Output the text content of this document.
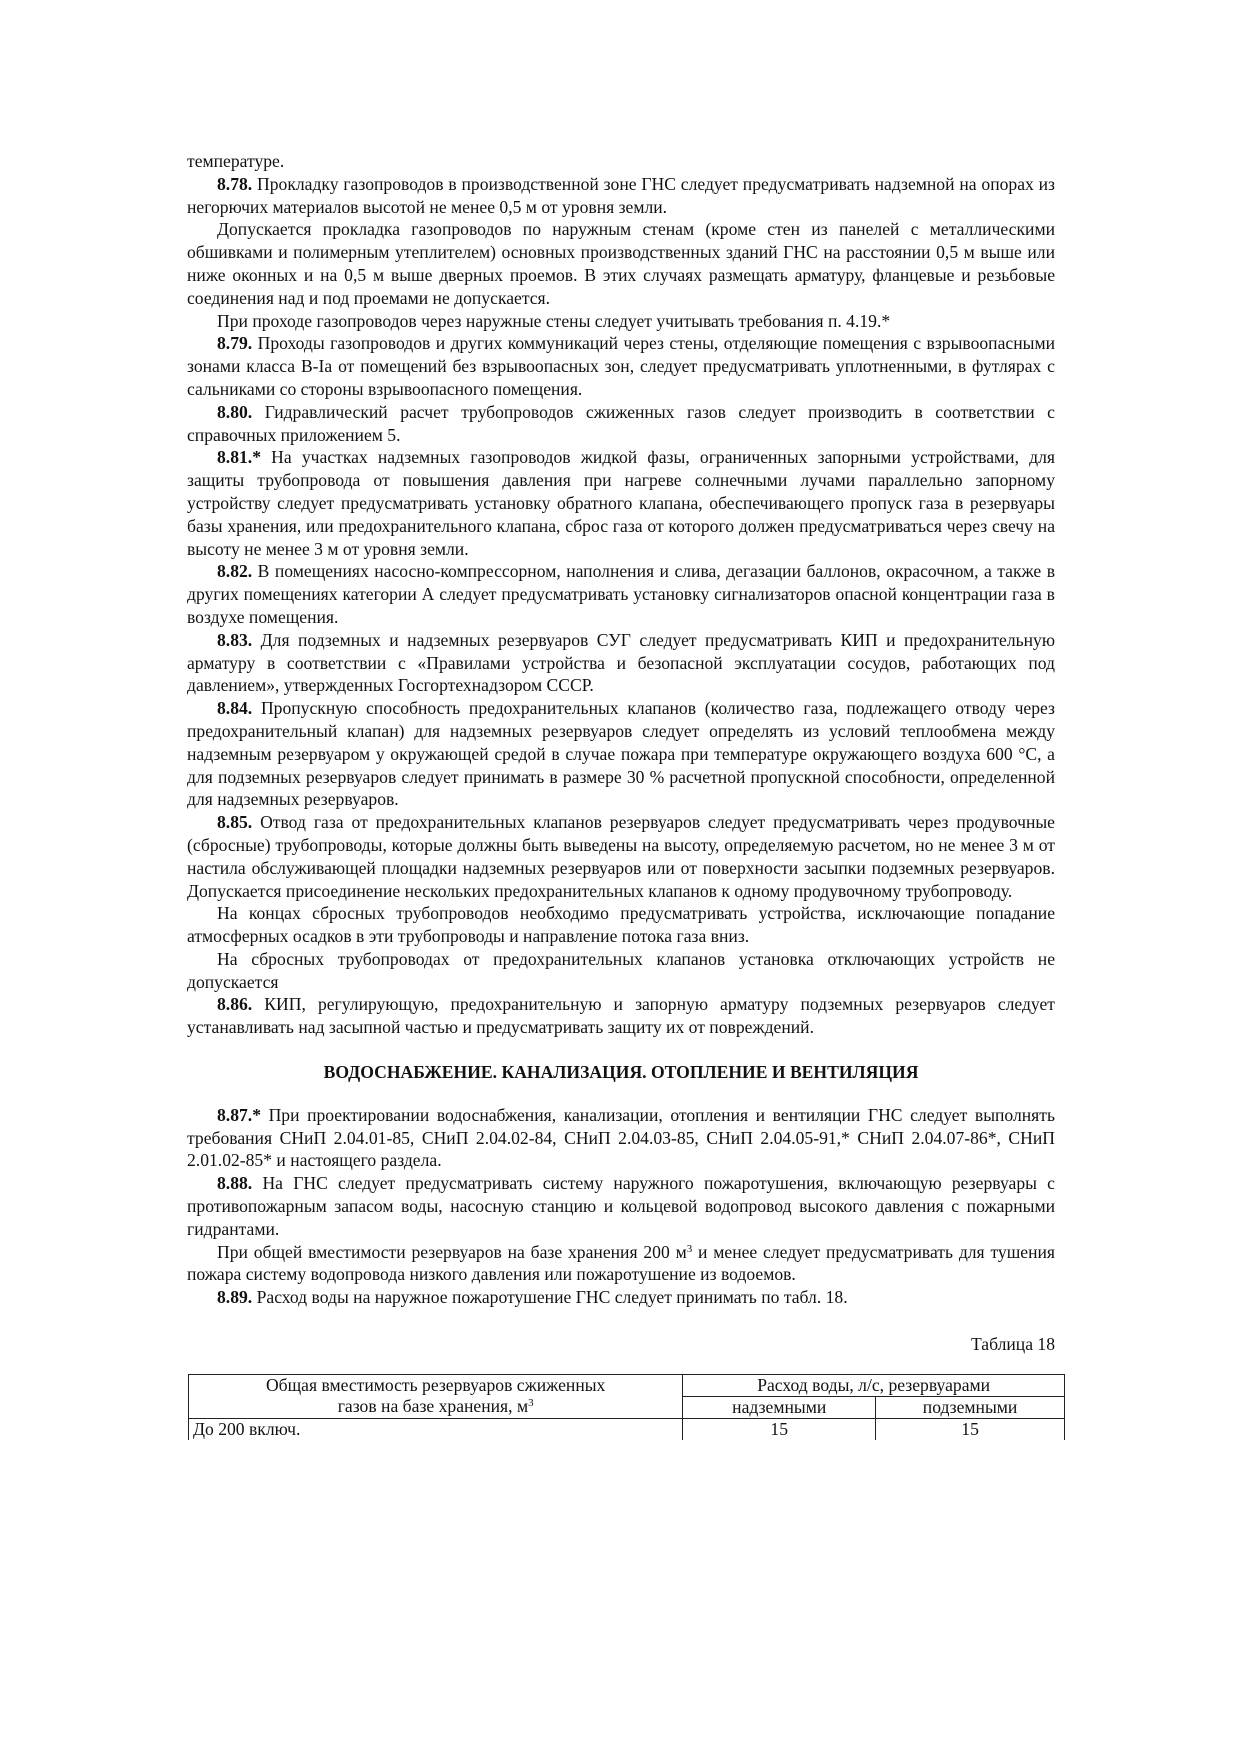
температуре.

8.78. Прокладку газопроводов в производственной зоне ГНС следует предусматривать надземной на опорах из негорючих материалов высотой не менее 0,5 м от уровня земли.

Допускается прокладка газопроводов по наружным стенам (кроме стен из панелей с металлическими обшивками и полимерным утеплителем) основных производственных зданий ГНС на расстоянии 0,5 м выше или ниже оконных и на 0,5 м выше дверных проемов. В этих случаях размещать арматуру, фланцевые и резьбовые соединения над и под проемами не допускается.

При проходе газопроводов через наружные стены следует учитывать требования п. 4.19.*

8.79. Проходы газопроводов и других коммуникаций через стены, отделяющие помещения с взрывоопасными зонами класса В-Iа от помещений без взрывоопасных зон, следует предусматривать уплотненными, в футлярах с сальниками со стороны взрывоопасного помещения.

8.80. Гидравлический расчет трубопроводов сжиженных газов следует производить в соответствии с справочных приложением 5.

8.81.* На участках надземных газопроводов жидкой фазы, ограниченных запорными устройствами, для защиты трубопровода от повышения давления при нагреве солнечными лучами параллельно запорному устройству следует предусматривать установку обратного клапана, обеспечивающего пропуск газа в резервуары базы хранения, или предохранительного клапана, сброс газа от которого должен предусматриваться через свечу на высоту не менее 3 м от уровня земли.

8.82. В помещениях насосно-компрессорном, наполнения и слива, дегазации баллонов, окрасочном, а также в других помещениях категории А следует предусматривать установку сигнализаторов опасной концентрации газа в воздухе помещения.

8.83. Для подземных и надземных резервуаров СУГ следует предусматривать КИП и предохранительную арматуру в соответствии с «Правилами устройства и безопасной эксплуатации сосудов, работающих под давлением», утвержденных Госгортехнадзором СССР.

8.84. Пропускную способность предохранительных клапанов (количество газа, подлежащего отводу через предохранительный клапан) для надземных резервуаров следует определять из условий теплообмена между надземным резервуаром у окружающей средой в случае пожара при температуре окружающего воздуха 600 °С, а для подземных резервуаров следует принимать в размере 30 % расчетной пропускной способности, определенной для надземных резервуаров.

8.85. Отвод газа от предохранительных клапанов резервуаров следует предусматривать через продувочные (сбросные) трубопроводы, которые должны быть выведены на высоту, определяемую расчетом, но не менее 3 м от настила обслуживающей площадки надземных резервуаров или от поверхности засыпки подземных резервуаров. Допускается присоединение нескольких предохранительных клапанов к одному продувочному трубопроводу.

На концах сбросных трубопроводов необходимо предусматривать устройства, исключающие попадание атмосферных осадков в эти трубопроводы и направление потока газа вниз.

На сбросных трубопроводах от предохранительных клапанов установка отключающих устройств не допускается

8.86. КИП, регулирующую, предохранительную и запорную арматуру подземных резервуаров следует устанавливать над засыпной частью и предусматривать защиту их от повреждений.

ВОДОСНАБЖЕНИЕ. КАНАЛИЗАЦИЯ. ОТОПЛЕНИЕ И ВЕНТИЛЯЦИЯ

8.87.* При проектировании водоснабжения, канализации, отопления и вентиляции ГНС следует выполнять требования СНиП 2.04.01-85, СНиП 2.04.02-84, СНиП 2.04.03-85, СНиП 2.04.05-91,* СНиП 2.04.07-86*, СНиП 2.01.02-85* и настоящего раздела.

8.88. На ГНС следует предусматривать систему наружного пожаротушения, включающую резервуары с противопожарным запасом воды, насосную станцию и кольцевой водопровод высокого давления с пожарными гидрантами.

При общей вместимости резервуаров на базе хранения 200 $м^3$ и менее следует предусматривать для тушения пожара систему водопровода низкого давления или пожаротушение из водоемов.

8.89. Расход воды на наружное пожаротушение ГНС следует принимать по табл. 18.

Таблица 18

Общая вместимость резервуаров сжиженных
газов на базе хранения, $м^3$	Расход воды, л/с, резервуарами	
	надземными	подземными
До 200 включ.	15	15
